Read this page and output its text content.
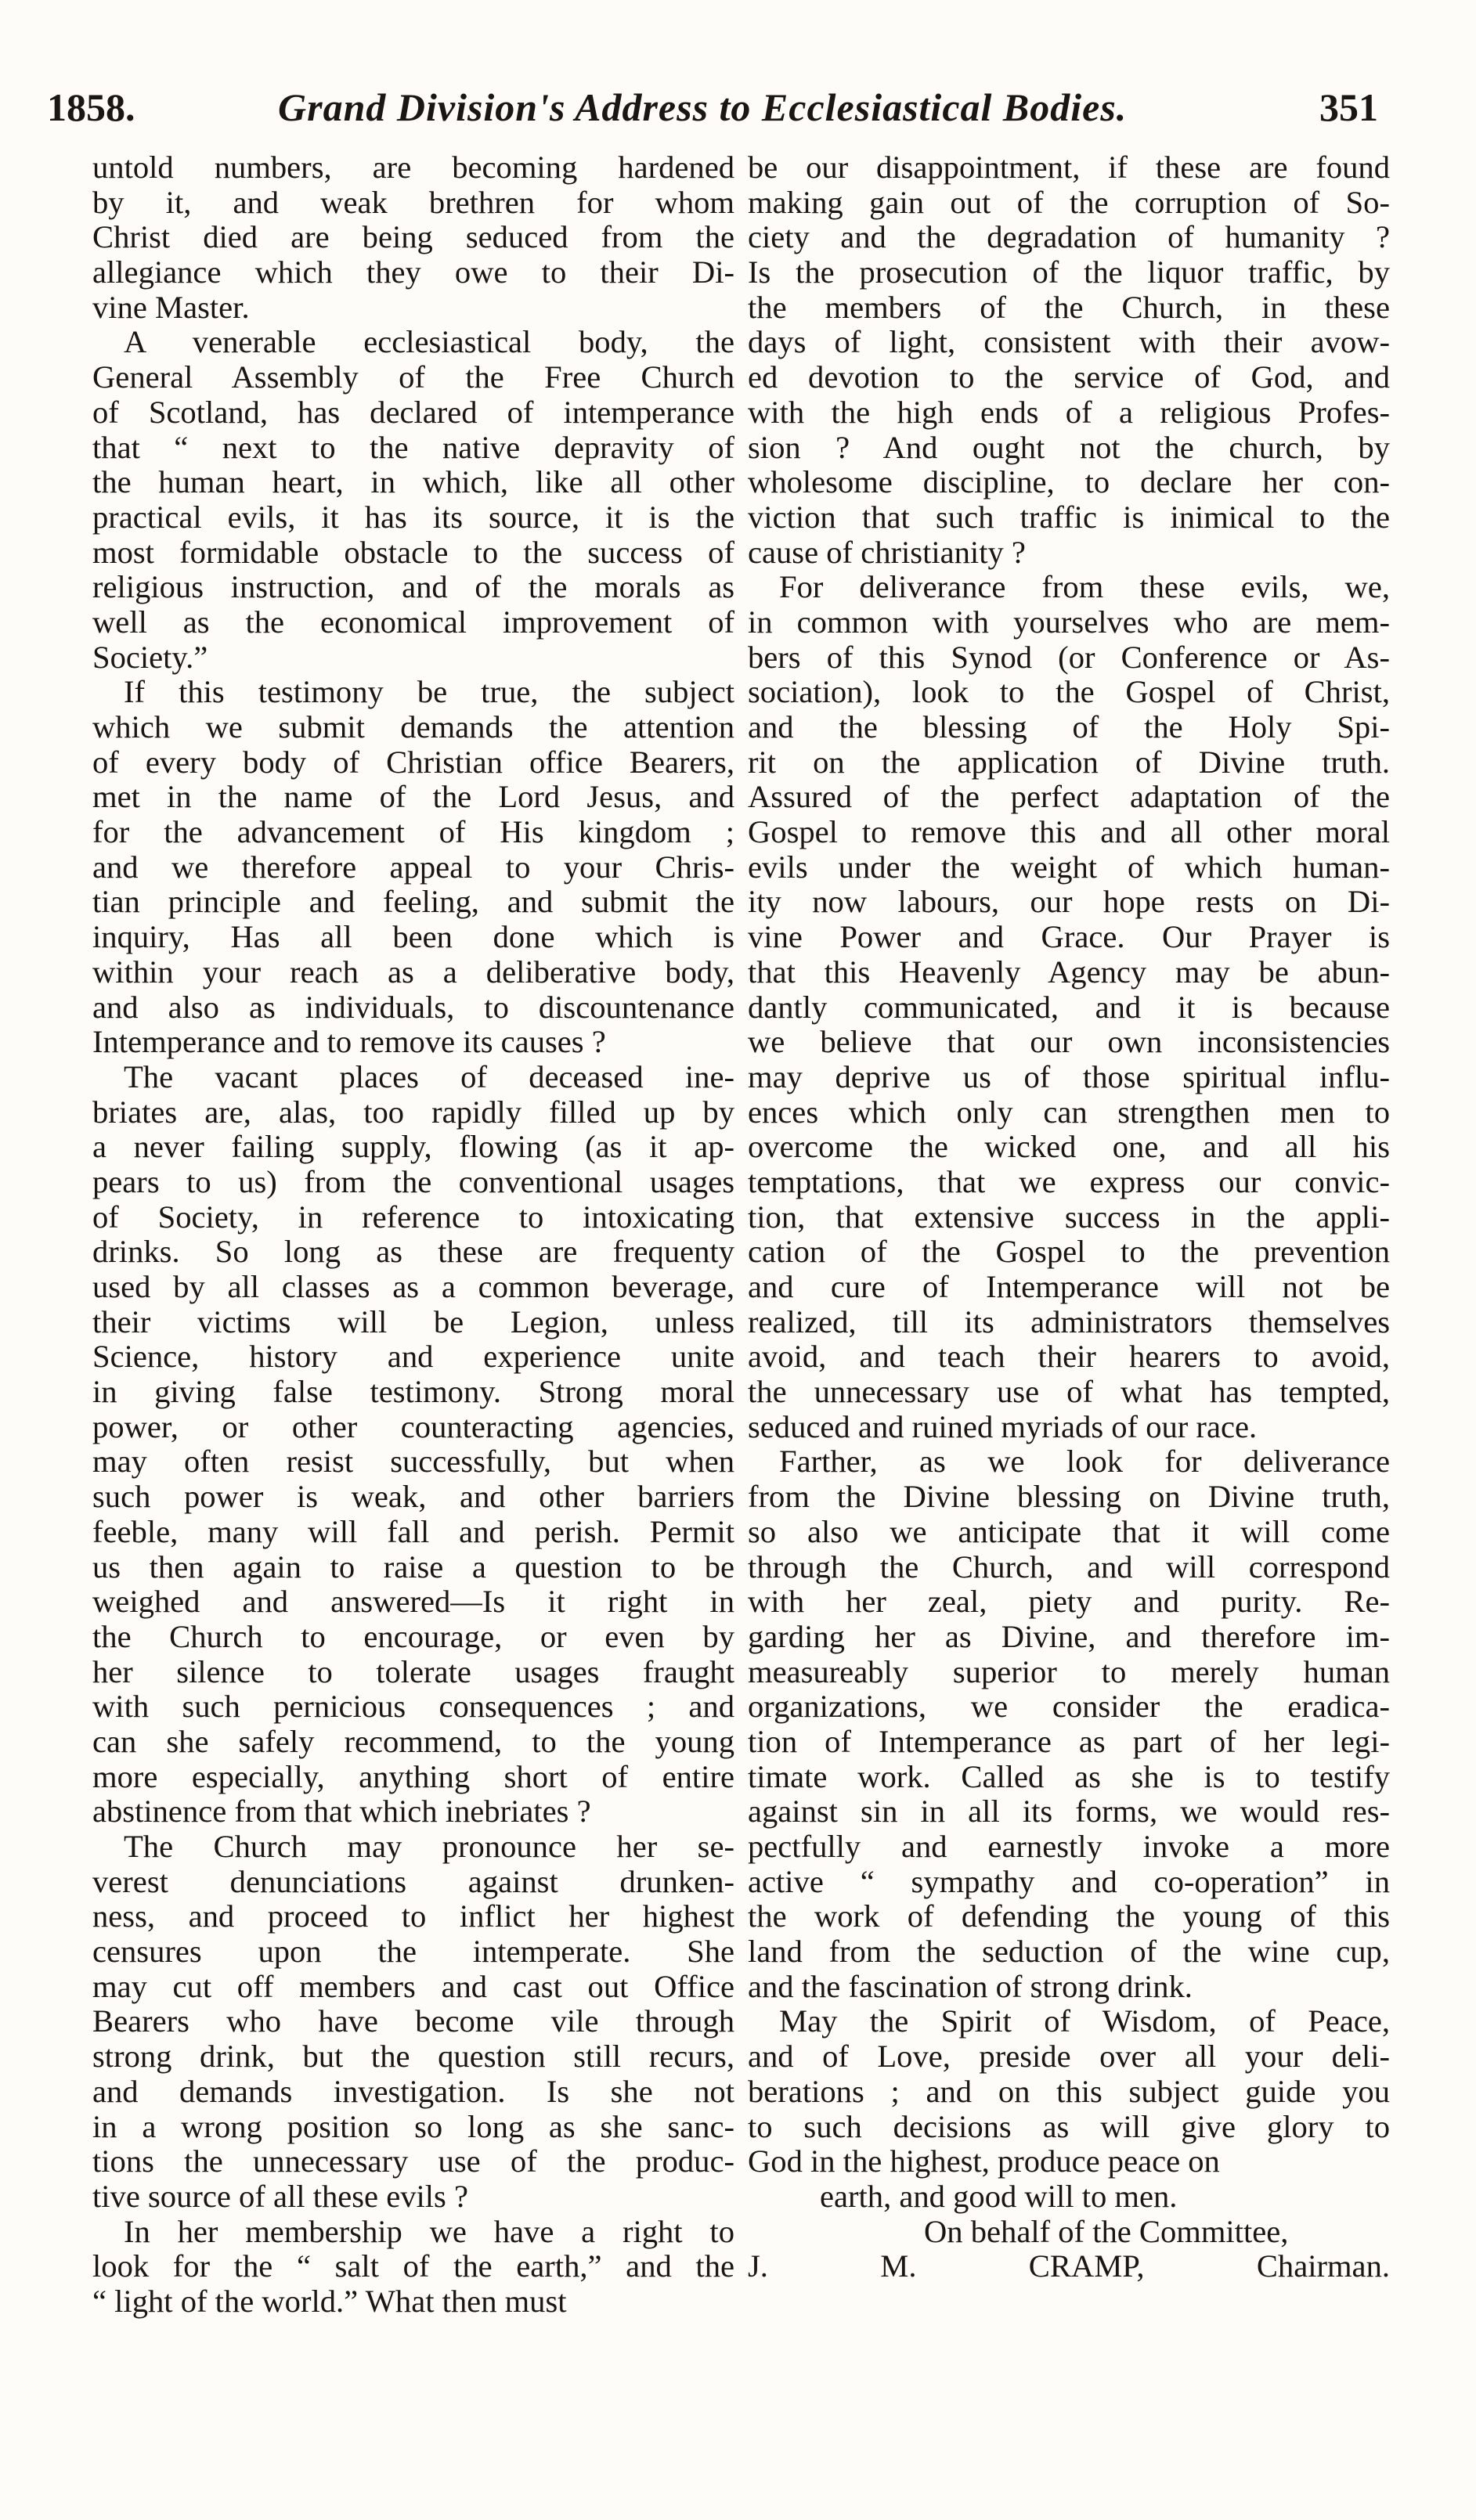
1858.	Grand Division's Address to Ecclesiastical Bodies.	351
untold numbers, are becoming hardened
by it, and weak brethren for whom
Christ died are being seduced from the
allegiance which they owe to their Di-
vine Master.
A venerable ecclesiastical body, the
General Assembly of the Free Church
of Scotland, has declared of intemperance
that “ next to the native depravity of
the human heart, in which, like all other
practical evils, it has its source, it is the
most formidable obstacle to the success of
religious instruction, and of the morals as
well as the economical improvement of
Society.”
If this testimony be true, the subject
which we submit demands the attention
of every body of Christian office Bearers,
met in the name of the Lord Jesus, and
for the advancement of His kingdom ;
and we therefore appeal to your Chris-
tian principle and feeling, and submit the
inquiry, Has all been done which is
within your reach as a deliberative body,
and also as individuals, to discountenance
Intemperance and to remove its causes ?
The vacant places of deceased ine-
briates are, alas, too rapidly filled up by
a never failing supply, flowing (as it ap-
pears to us) from the conventional usages
of Society, in reference to intoxicating
drinks. So long as these are frequenty
used by all classes as a common beverage,
their victims will be Legion, unless
Science, history and experience unite
in giving false testimony. Strong moral
power, or other counteracting agencies,
may often resist successfully, but when
such power is weak, and other barriers
feeble, many will fall and perish. Permit
us then again to raise a question to be
weighed and answered—Is it right in
the Church to encourage, or even by
her silence to tolerate usages fraught
with such pernicious consequences ; and
can she safely recommend, to the young
more especially, anything short of entire
abstinence from that which inebriates ?
The Church may pronounce her se-
verest denunciations against drunken-
ness, and proceed to inflict her highest
censures upon the intemperate. She
may cut off members and cast out Office
Bearers who have become vile through
strong drink, but the question still recurs,
and demands investigation. Is she not
in a wrong position so long as she sanc-
tions the unnecessary use of the produc-
tive source of all these evils ?
In her membership we have a right to
look for the “ salt of the earth,” and the
“ light of the world.” What then must
be our disappointment, if these are found
making gain out of the corruption of So-
ciety and the degradation of humanity ?
Is the prosecution of the liquor traffic, by
the members of the Church, in these
days of light, consistent with their avow-
ed devotion to the service of God, and
with the high ends of a religious Profes-
sion ? And ought not the church, by
wholesome discipline, to declare her con-
viction that such traffic is inimical to the
cause of christianity ?
For deliverance from these evils, we,
in common with yourselves who are mem-
bers of this Synod (or Conference or As-
sociation), look to the Gospel of Christ,
and the blessing of the Holy Spi-
rit on the application of Divine truth.
Assured of the perfect adaptation of the
Gospel to remove this and all other moral
evils under the weight of which human-
ity now labours, our hope rests on Di-
vine Power and Grace. Our Prayer is
that this Heavenly Agency may be abun-
dantly communicated, and it is because
we believe that our own inconsistencies
may deprive us of those spiritual influ-
ences which only can strengthen men to
overcome the wicked one, and all his
temptations, that we express our convic-
tion, that extensive success in the appli-
cation of the Gospel to the prevention
and cure of Intemperance will not be
realized, till its administrators themselves
avoid, and teach their hearers to avoid,
the unnecessary use of what has tempted,
seduced and ruined myriads of our race.
Farther, as we look for deliverance
from the Divine blessing on Divine truth,
so also we anticipate that it will come
through the Church, and will correspond
with her zeal, piety and purity. Re-
garding her as Divine, and therefore im-
measureably superior to merely human
organizations, we consider the eradica-
tion of Intemperance as part of her legi-
timate work. Called as she is to testify
against sin in all its forms, we would res-
pectfully and earnestly invoke a more
active “ sympathy and co-operation” in
the work of defending the young of this
land from the seduction of the wine cup,
and the fascination of strong drink.
May the Spirit of Wisdom, of Peace,
and of Love, preside over all your deli-
berations ; and on this subject guide you
to such decisions as will give glory to
God in the highest, produce peace on
earth, and good will to men.
On behalf of the Committee,
J. M. CRAMP, Chairman.
